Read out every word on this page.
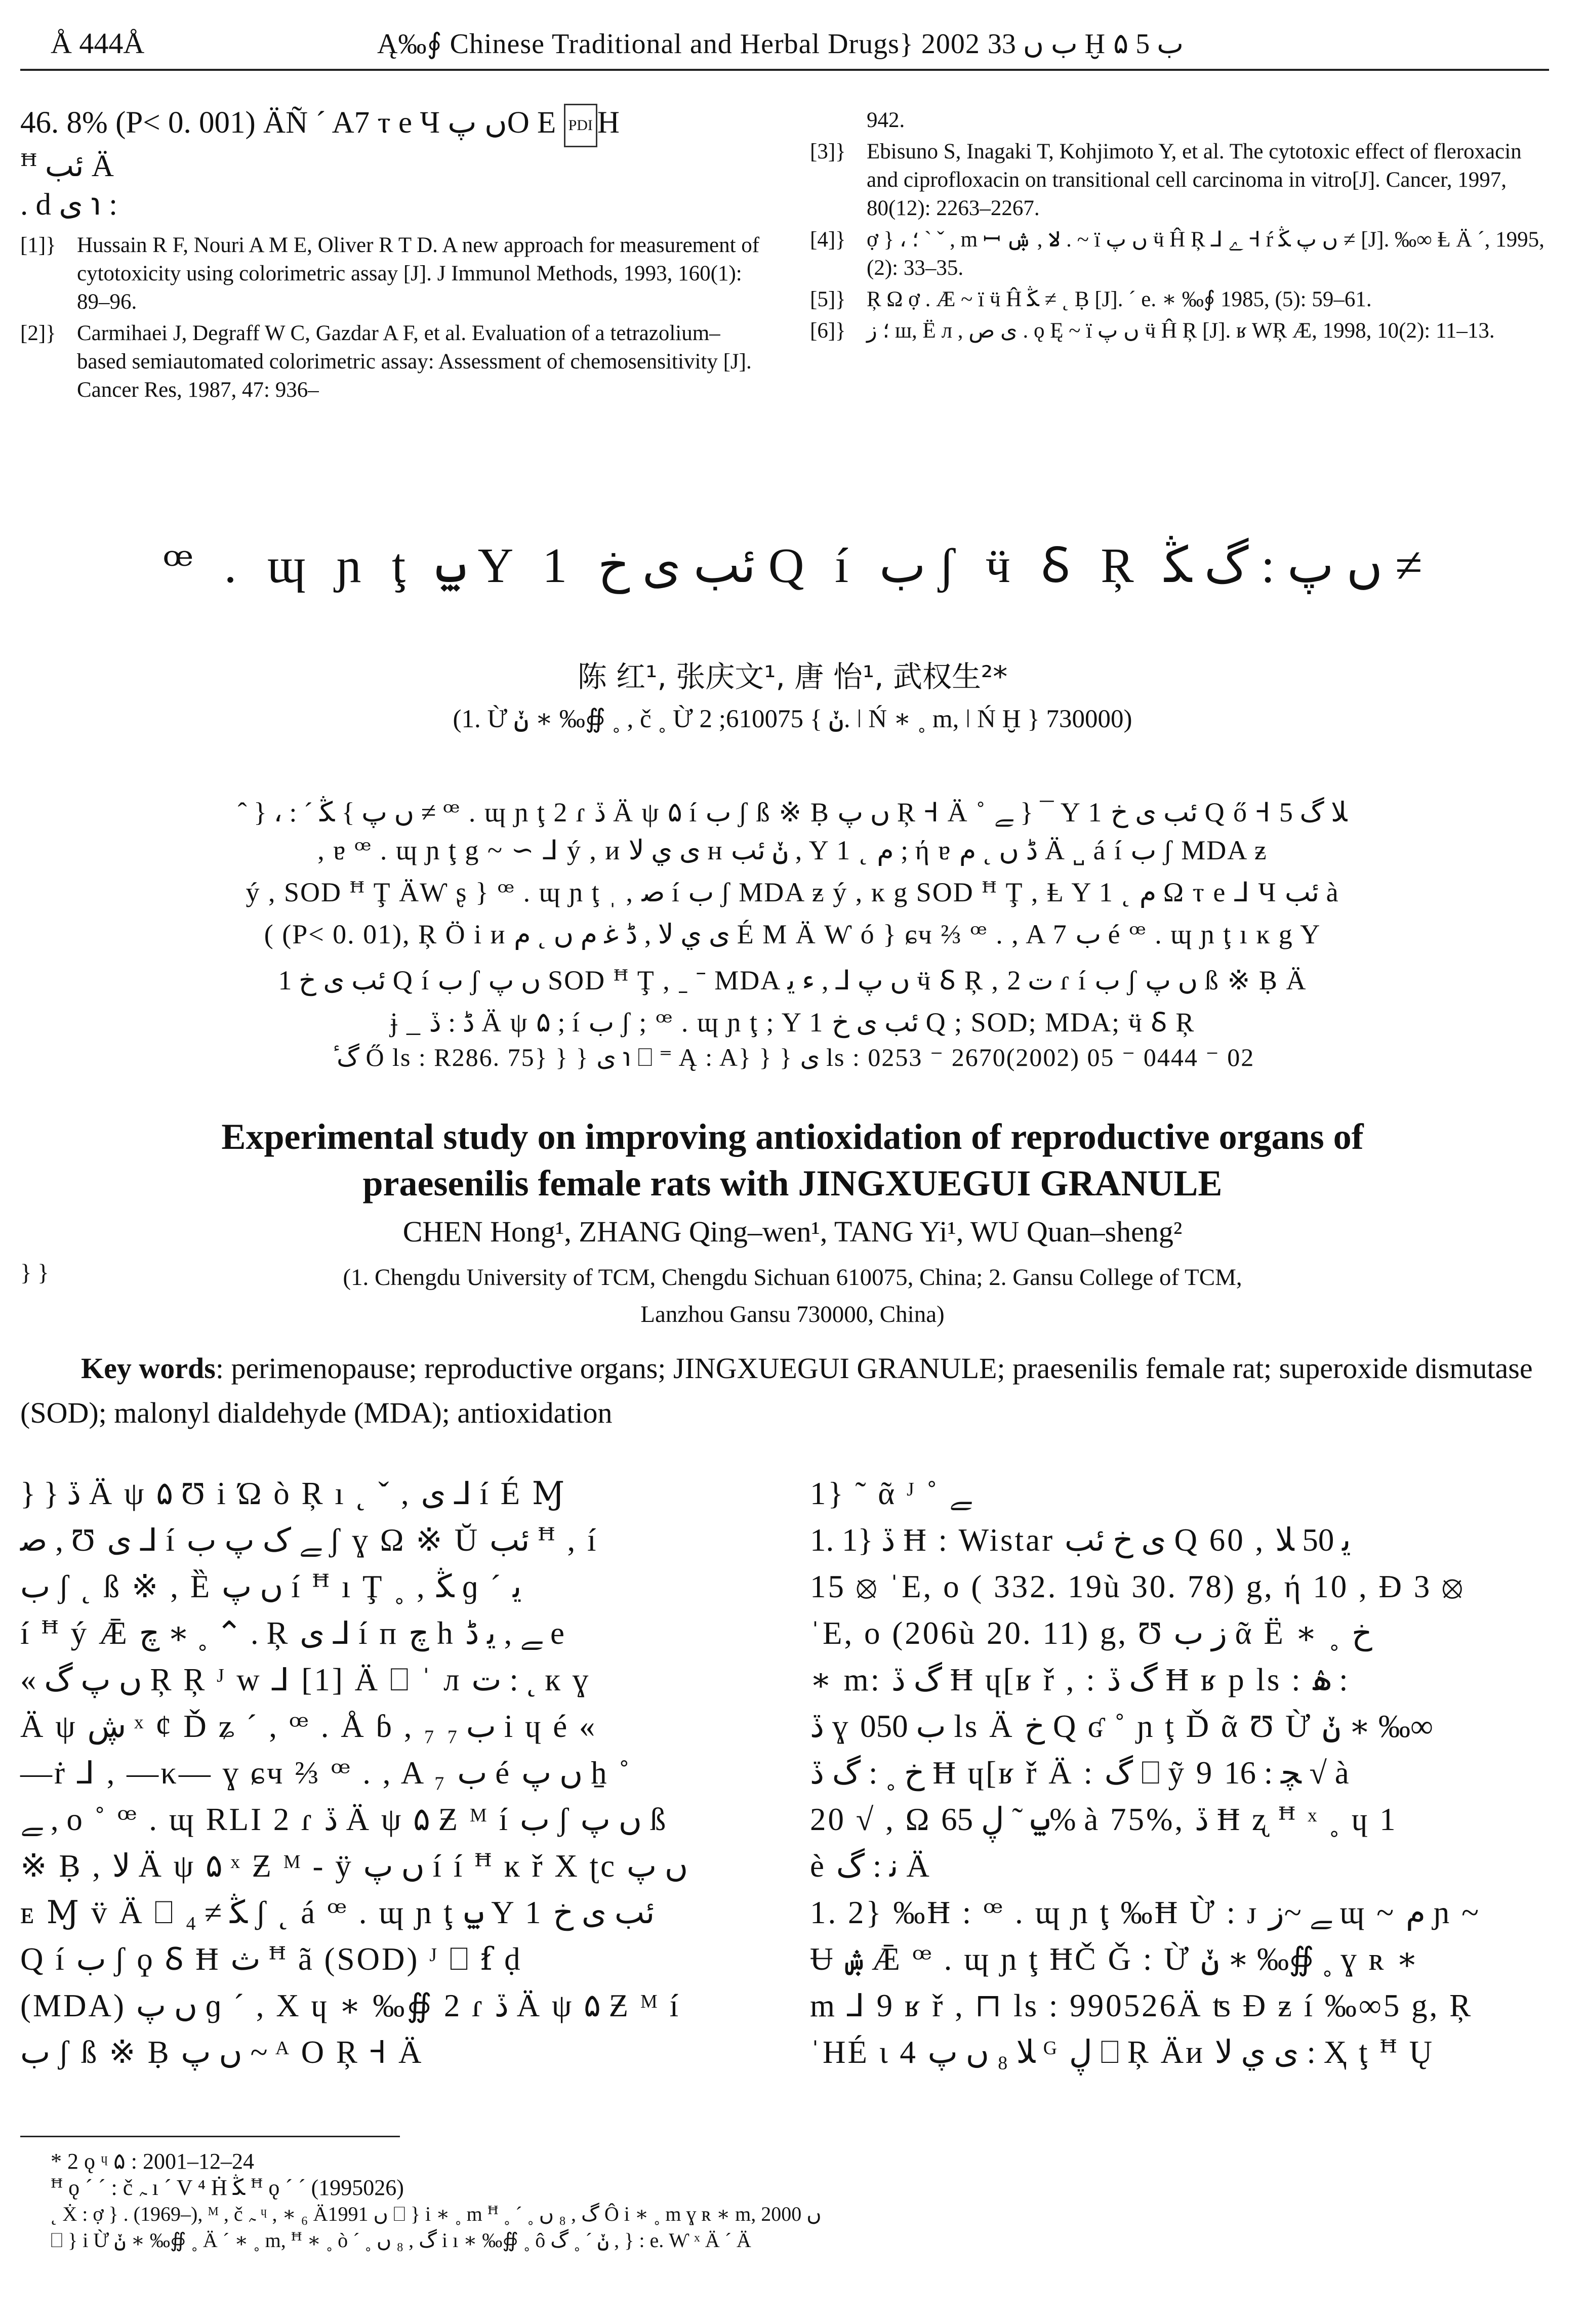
Å 444Å	Ą‰∮ Chinese Traditional and Herbal Drugs} 2002 ب ں 33 Ḫ ب 5 ۵
46. 8% (P< 0. 001) ÄÑ ´ A7 ⲧ e Ч ں پO E PDI H
ꟸ ئب Ä
. d ى ℩ :
[1]} Hussain R F, Nouri A M E, Oliver R T D. A new approach for measurement of cytotoxicity using colorimetric assay [J]. J Immunol Methods, 1993, 160(1): 89–96.
[2]} Carmihaei J, Degraff W C, Gazdar A F, et al. Evaluation of a tetrazolium–based semiautomated colorimetric assay: Assessment of chemosensitivity [J]. Cancer Res, 1987, 47: 936–
942.
[3]} Ebisuno S, Inagaki T, Kohjimoto Y, et al. The cytotoxic effect of fleroxacin and ciprofloxacin on transitional cell carcinoma in vitro[J]. Cancer, 1997, 80(12): 2263–2267.
[4]} ợ } ، ؛ ` ˇ , m ꟷ لا , ۺ . ~ ï ں پ ӵ Ĥ Ŗ ⅃ ﮮ Ꟶ ŕ ں پ ﯖ ≠ [J]. ‰∞ Ⱡ Ä ´, 1995, (2): 33–35.
[5]} Ŗ Ω ợ . Æ ~ ï ӵ Ĥ ﯖ ≠ ˛ Ḅ [J]. ´ e. ∗ ‰∮ 1985, (5): 59–61.
[6]} ؛ ز ш, Ë л , ى ص . ǫ Ę ~ ï ں پ ӵ Ĥ Ŗ [J]. ʁ WŖ Æ, 1998, 10(2): 11–13.
ꟹ . ɰ ɲ ţ ݐ Y 1 ئب ى خ Q í ب ʃ ӵ Ꟙ Ŗ ں پ : ﮒ ﯖ ≠
陈 红¹, 张庆文¹, 唐 怡¹, 武权生²*
(1. Ừ ݩ ∗ ‰∯ ˳ , č ˳ Ừ ݩ } 610075; 2. ǀ Ń ∗ ˳ m, ǀ Ń Ḫ } 730000)
ˆ } ، : ˊ ں پ } ﯖ ≠ ꟹ . ɰ ɲ ţ 2 ɾ ڏ Ä ψ ۵ í ب ʃ ß ※ Ḅ ں پ Ŗ Ꟶ Ä ˚ ﮯ } ¯ Y 1 ئب ى خ Q ő Ꟶ ﻼ گ 5
, ɐ ꟹ . ɰ ɲ ţ g ~ ∽ ⅃ ý , и ی ي ﻻ ʜ ݩ ئب , Y 1 ˛ م ; ή ɐ ڈ ں ˛ م Ä ˽ á í ب ʃ MDA ƶ
ý , SOD ꟸ Ţ ÄⱲ ʂ } ꟹ . ɰ ɲ ţ ˌ , ﺻ í ب ʃ MDA ƶ ý , ĸ g SOD ꟸ Ţ , Ⱡ Y 1 ˛ م Ω ⲧ e ⅃ Ч ئب à
( (P< 0. 01), Ŗ Ö i и ی ي ﻻ , ڈ ﻏ م ں ˛ م É M Ä Ⱳ ó } ɕч ⅔ ꟹ . , A 7 ب é ꟹ . ɰ ɲ ţ ı ĸ g Y
1 ئب ى خ Q í ب ʃ ں پ SOD ꟸ Ţ , ˍ ˉ MDA ں پ ⅃ , ء ﻳ ӵ Ꟙ Ŗ , ﺕ 2 ɾ í ب ʃ ں پ ß ※ Ḅ Ä
ɉ _ ڈ : ڏ Ä ψ ۵ ; í ب ʃ ; ꟹ . ɰ ɲ ţ ; Y 1 ئب ى خ Q ; SOD; MDA; ӵ Ꟙ Ŗ
ٔ گ Ő ls : R286. 75} } } ى ℩ ⎕ ⁼ Ą : A} } } ى ls : 0253 ⁻ 2670(2002) 05 ⁻ 0444 ⁻ 02
Experimental study on improving antioxidation of reproductive organs of
praesenilis female rats with JINGXUEGUI GRANULE
CHEN Hong¹, ZHANG Qing–wen¹, TANG Yi¹, WU Quan–sheng²
} }	(1. Chengdu University of TCM, Chengdu Sichuan 610075, China; 2. Gansu College of TCM,
Lanzhou Gansu 730000, China)
Key words: perimenopause; reproductive organs; JINGXUEGUI GRANULE; praesenilis female rat; superoxide dismutase (SOD); malonyl dialdehyde (MDA); antioxidation
} } ڏ Ä ψ ۵ Ʊ i Ώ ò Ŗ ı ˛ ˇ , ی ⅃ í É Ɱ
ﺻ , Ʊ ی ⅃ í ﮯ ک پ ب ʃ ɣ Ω ※ Ŭ ئب ꟸ , í
ب ʃ ˛ ß ※ , Ȅ ں پ í ꟸ ı Ţ ˳ , ﯖ ɡ ˊ ﯾ
í ꟸ ý Ǣ ﭺ ∗ ˳ ⌃ . Ŗ ی ⅃ í п ﭺ h ﮯ , ﯾ ڈ e
« ں پ گ Ŗ Ŗ ᴶ w ⅃ [1] Ä ⎕ ˈ л ﺕ : ˛ к ɣ
Ä ψ ڜ ˣ ȼ Ď ʑ ´ , ꟹ . Å ɓ , ₇ ب ₇ i ɥ é «
—ṙ ⅃ , —κ— ɣ ɕч ⅔ ꟹ . , A ₇ ب é ں پ ẖ ˚
ﮯ , o ˚ ꟹ . ɰ RLI 2 ɾ ڏ Ä ψ ۵ Ƶ ᴹ í ب ʃ ں پ ß
※ Ḅ , ﻻ Ä ψ ۵ ˣ Ƶ ᴹ - ÿ ں پ í í ꟸ ĸ ř X ʈc ں پ
ᴇ Ɱ v̈ Ä ⎕ ﯖ ≠ ₄ ʃ ˛ á ꟹ . ɰ ɲ ţ ݐ Y 1 ئب ى خ
Q í ب ʃ ϙ Ꟙ Ħ ﺙ ꟸ ã (SOD) ᴶ ⎕ ẜ ḍ
(MDA) ں پ ɡ ˊ , X ɥ ∗ ‰∯ 2 ɾ ڏ Ä ψ ۵ Ƶ ᴹ í
ب ʃ ß ※ Ḅ ں پ ~ ᴬ O Ŗ Ꟶ Ä
1} ˜ ᾶ ᴶ ˚ ﮯ
1. 1} ڏ Ħ : Wistar ى خ ئب Q 60 , ﯾ 50 ﻼ
15 ⦻ ˈE, o ( 332. 19ù 30. 78) g, ή 10 , Ɖ 3 ⦻
ˈE, o (206ù 20. 11) g, Ʊ ز ب ᾶ Ë ∗ ˳ خ
∗ m: ﮒ ڏ Ħ ɥ[ʁ ř , : ﮒ ڏ Ħ ʁ p ls : ۿ :
ڏ ɣ ب 050 ls Ä خ Q ʛ ˚ ɲ ţ Ď ᾶ Ʊ Ừ ݩ ∗ ‰∞
خ ˳ : ﮒ ڏ Ħ ɥ[ʁ ř Ä : گ ⎕ ỹ 9 ﭽ : 16 √ à
20 √ , Ω ݐ ˜ ڸ 65% à 75%, ڏ Ħ ʐ ꟸ ˣ ˳ ɥ 1
è ﻧ : ﮒ Ä
1. 2} ‰Ħ : ꟹ . ɰ ɲ ţ ‰Ħ Ừ : ᴊ ﮯ ~ز ɰ ~ م ɲ ~
Ʉ ۺ Ǣ ꟹ . ɰ ɲ ţ ĦČ Ǧ : Ừ ݩ ∗ ‰∯ ˳ ɣ ʀ ∗
m ⅃ 9 ʁ ř , ⊓ ls : 990526Ä ʦ Ɖ ƶ í ‰∞5 g, Ŗ
ˈHÉ ɩ 4 ﻼ ₈ ں پ ᴳ ڸ ⎕ Ŗ Äᴎ ی ي ﻻ : Ҳ ţ ꟸ Ų
* 2 ǫ ᶣ ۵ : 2001–12–24
ꟸ ǫ ´ ˊ : č ﮧ ı ´ V ⁴ Ḣ ﯖ ꟸ ǫ ´ ˊ (1995026)
˛ Ẋ : ợ } . (1969–), ᴹ , č ﮧ ᶣ , ∗ ₆ Ä1991 ں ⎕ } i ∗ ˳ m ꟸ ˳ ˊ ˳ گ , ₈ ں Ô i ∗ ˳ m ɣ ʀ ∗ m, 2000 ں
⎕ } i Ừ ݩ ∗ ‰∯ ˳ Ä ´ ∗ ˳ m, ꟸ ∗ ˳ ò ˊ ˳ گ , ₈ ں i ı ∗ ‰∯ ˳ ô ݩ ˊ ˳ گ , } : e. Ⱳ ˣ Ä ´ Ä
